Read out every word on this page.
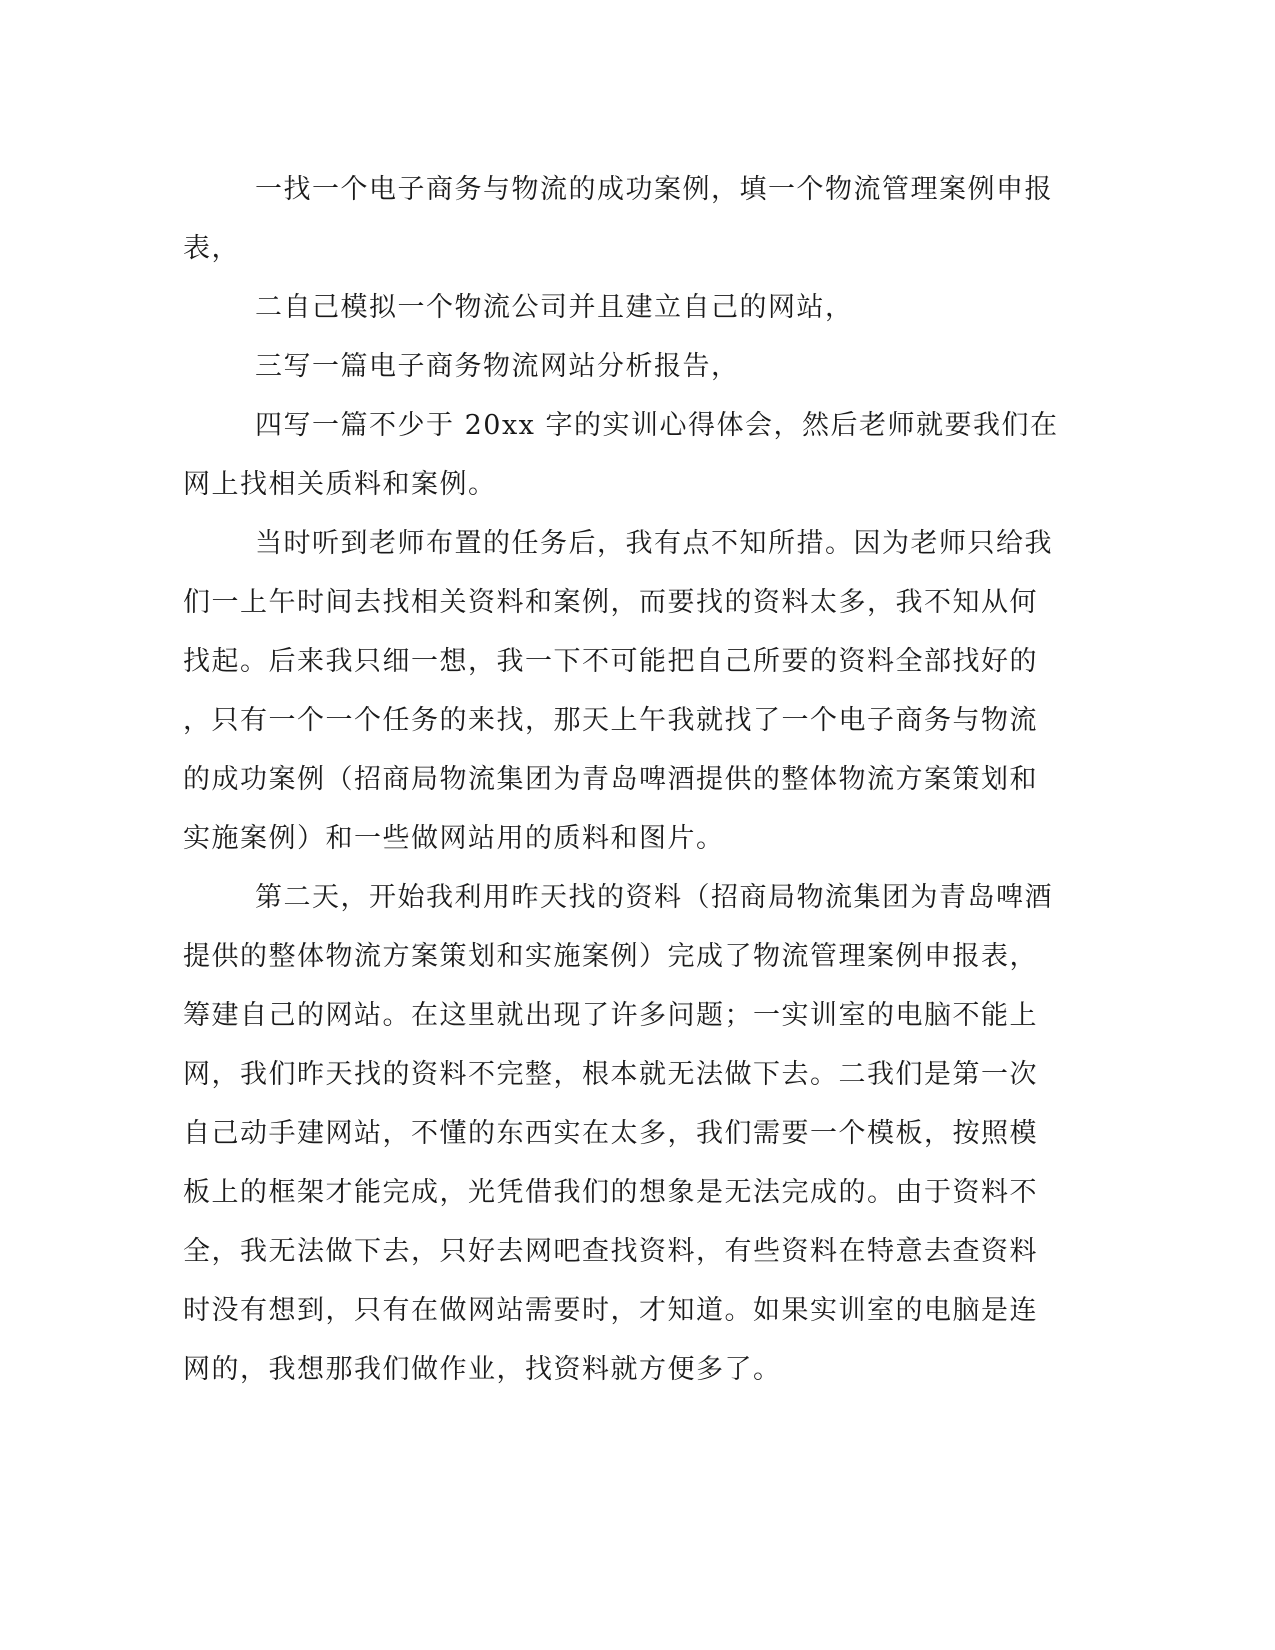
一找一个电子商务与物流的成功案例，填一个物流管理案例申报
表，

二自己模拟一个物流公司并且建立自己的网站，

三写一篇电子商务物流网站分析报告，

四写一篇不少于 20xx 字的实训心得体会，然后老师就要我们在
网上找相关质料和案例。

当时听到老师布置的任务后，我有点不知所措。因为老师只给我
们一上午时间去找相关资料和案例，而要找的资料太多，我不知从何
找起。后来我只细一想，我一下不可能把自己所要的资料全部找好的
，只有一个一个任务的来找，那天上午我就找了一个电子商务与物流
的成功案例（招商局物流集团为青岛啤酒提供的整体物流方案策划和
实施案例）和一些做网站用的质料和图片。

第二天，开始我利用昨天找的资料（招商局物流集团为青岛啤酒
提供的整体物流方案策划和实施案例）完成了物流管理案例申报表，
筹建自己的网站。在这里就出现了许多问题；一实训室的电脑不能上
网，我们昨天找的资料不完整，根本就无法做下去。二我们是第一次
自己动手建网站，不懂的东西实在太多，我们需要一个模板，按照模
板上的框架才能完成，光凭借我们的想象是无法完成的。由于资料不
全，我无法做下去，只好去网吧查找资料，有些资料在特意去查资料
时没有想到，只有在做网站需要时，才知道。如果实训室的电脑是连
网的，我想那我们做作业，找资料就方便多了。
